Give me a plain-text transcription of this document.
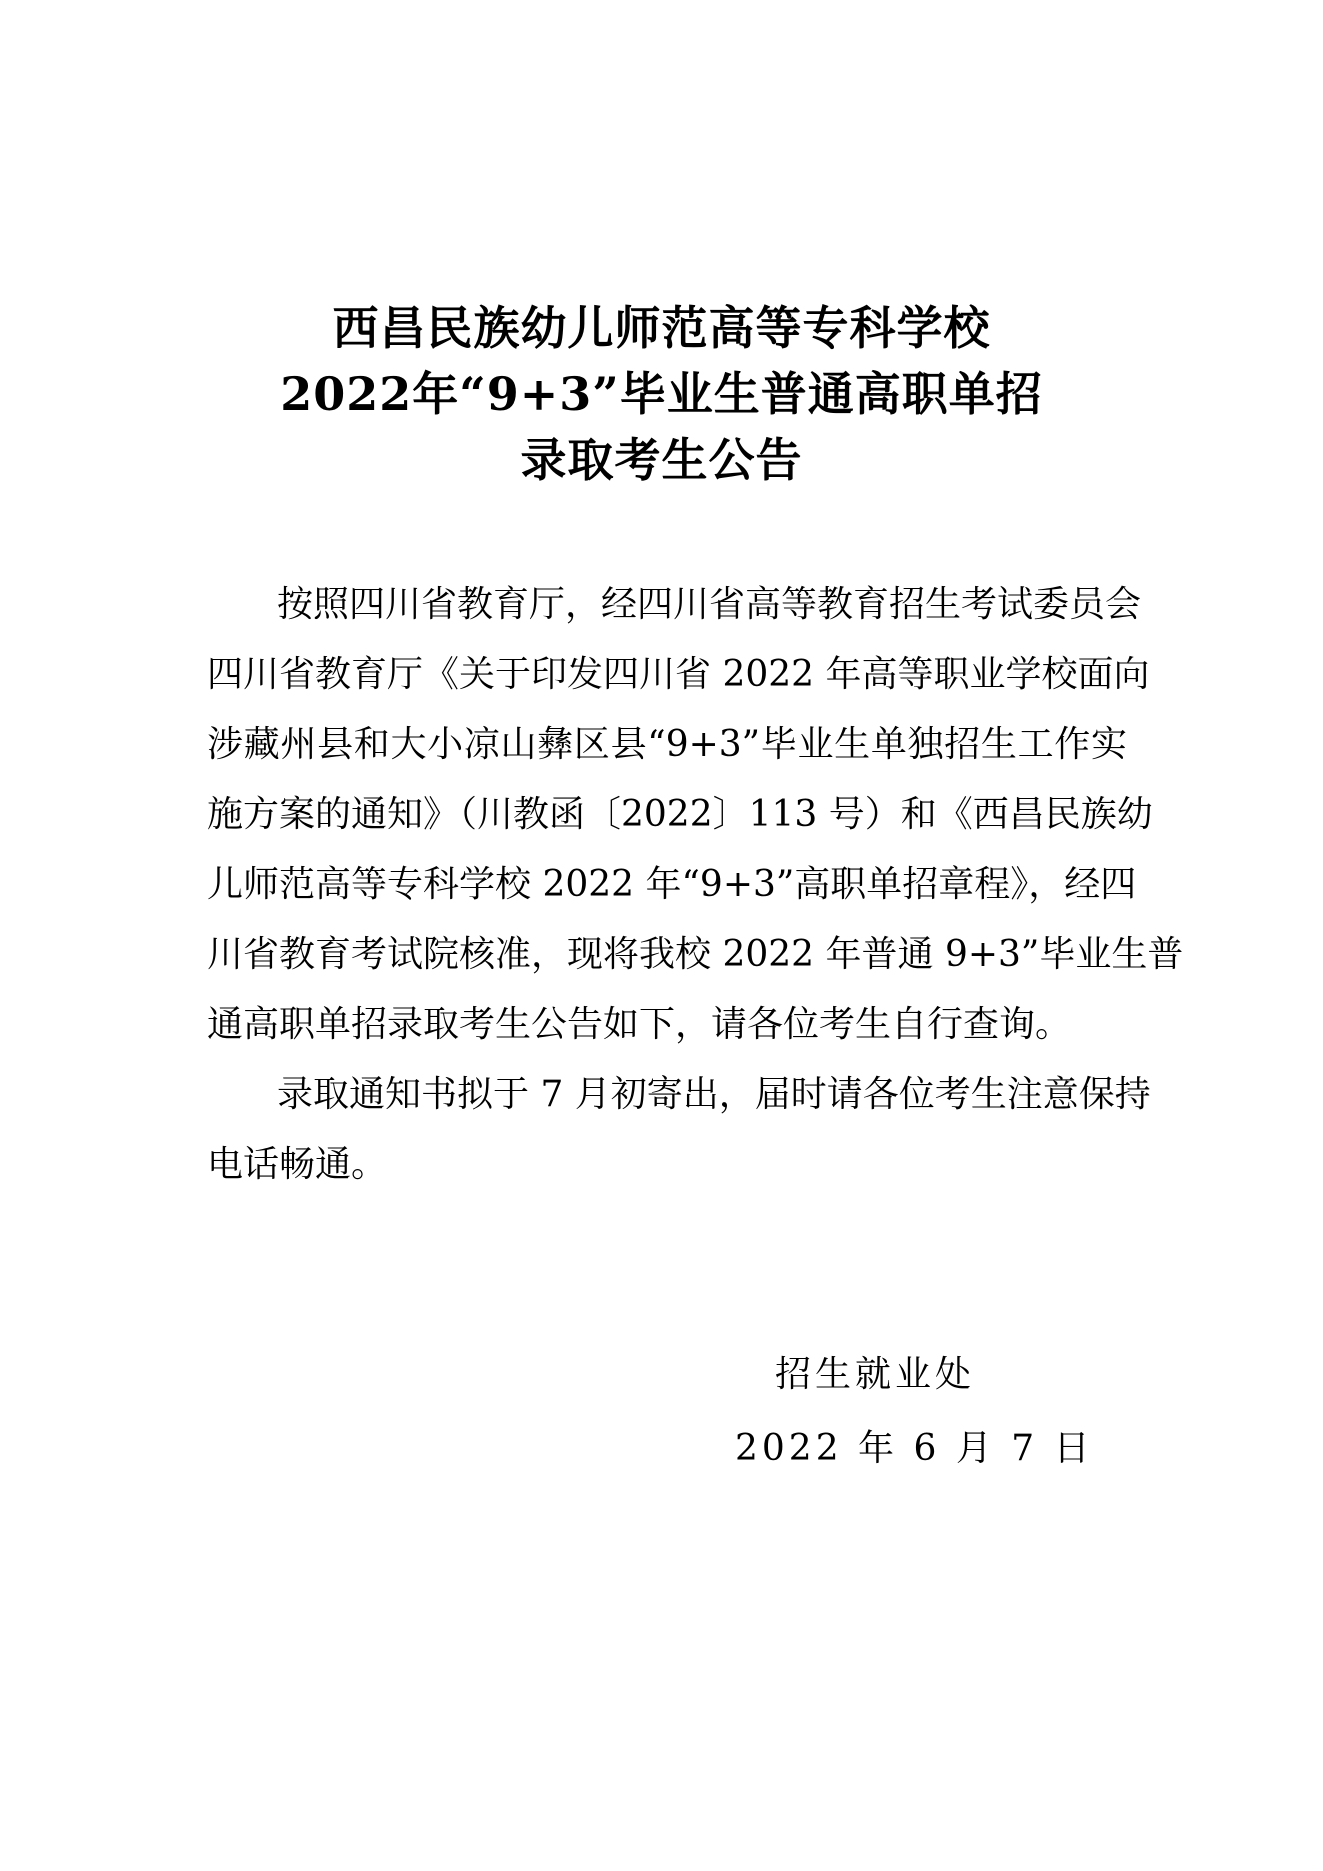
西昌民族幼儿师范高等专科学校
2022年“9+3”毕业生普通高职单招
录取考生公告
按照四川省教育厅，经四川省高等教育招生考试委员会
四川省教育厅《关于印发四川省 2022 年高等职业学校面向
涉藏州县和大小凉山彝区县“9+3”毕业生单独招生工作实
施方案的通知》（川教函〔2022〕113 号）和《西昌民族幼
儿师范高等专科学校 2022 年“9+3”高职单招章程》，经四
川省教育考试院核准，现将我校 2022 年普通 9+3”毕业生普
通高职单招录取考生公告如下，请各位考生自行查询。
录取通知书拟于 7 月初寄出，届时请各位考生注意保持
电话畅通。
招生就业处
2022 年 6 月 7 日
